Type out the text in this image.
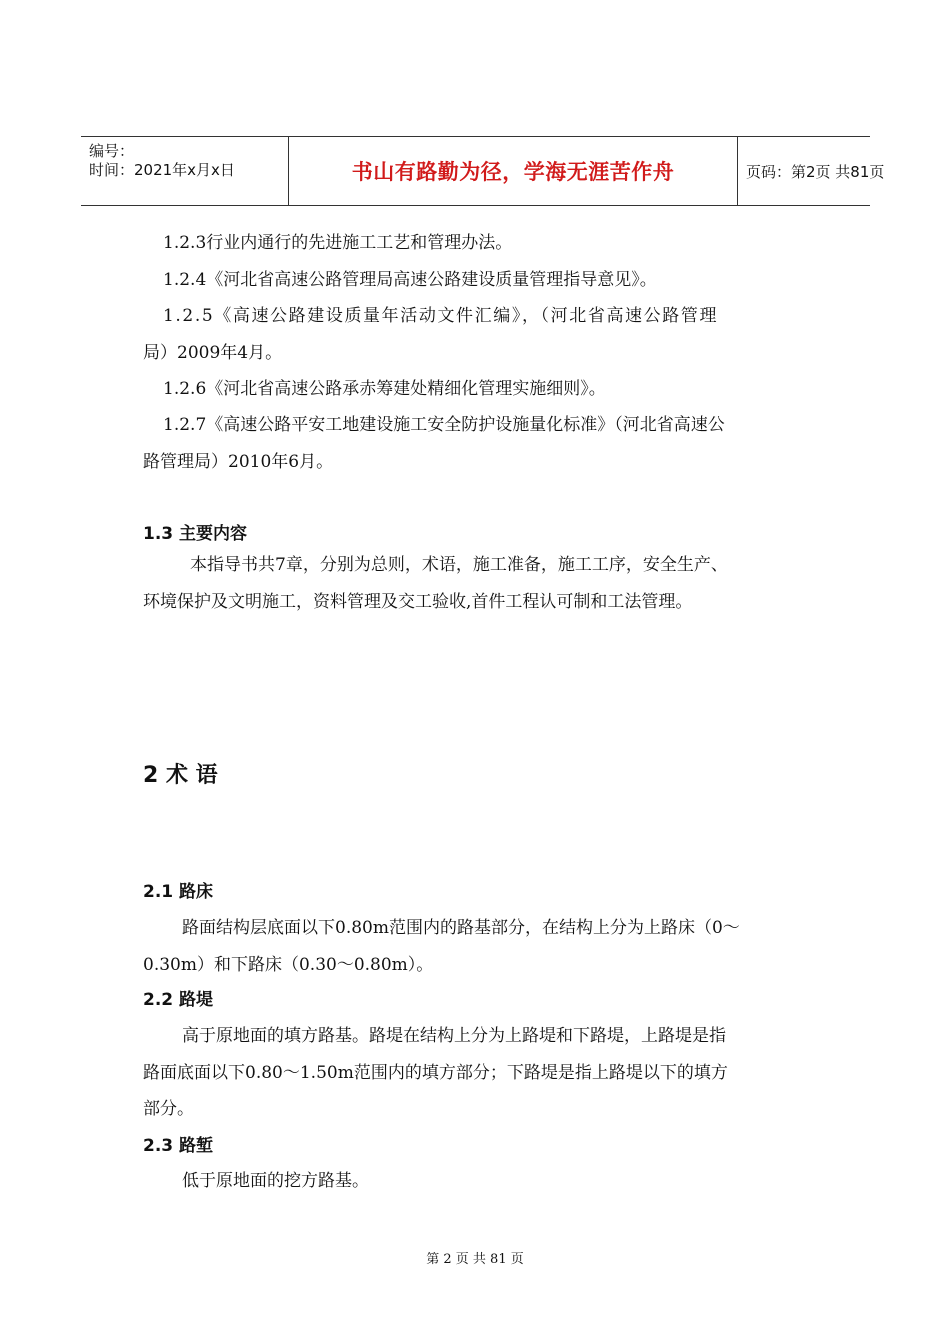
编号：
时间：2021年x月x日	书山有路勤为径，学海无涯苦作舟	页码：第2页 共81页
1.2.3行业内通行的先进施工工艺和管理办法。
1.2.4《河北省高速公路管理局高速公路建设质量管理指导意见》。
1.2.5《高速公路建设质量年活动文件汇编》，（河北省高速公路管理
局）2009年4月。
1.2.6《河北省高速公路承赤筹建处精细化管理实施细则》。
1.2.7《高速公路平安工地建设施工安全防护设施量化标准》（河北省高速公
路管理局）2010年6月。
1.3 主要内容
本指导书共7章，分别为总则，术语，施工准备，施工工序，安全生产、
环境保护及文明施工，资料管理及交工验收,首件工程认可制和工法管理。
2 术 语
2.1 路床
路面结构层底面以下0.80m范围内的路基部分，在结构上分为上路床（0～
0.30m）和下路床（0.30～0.80m）。
2.2 路堤
高于原地面的填方路基。路堤在结构上分为上路堤和下路堤，上路堤是指
路面底面以下0.80～1.50m范围内的填方部分；下路堤是指上路堤以下的填方
部分。
2.3 路堑
低于原地面的挖方路基。
第 2 页 共 81 页
